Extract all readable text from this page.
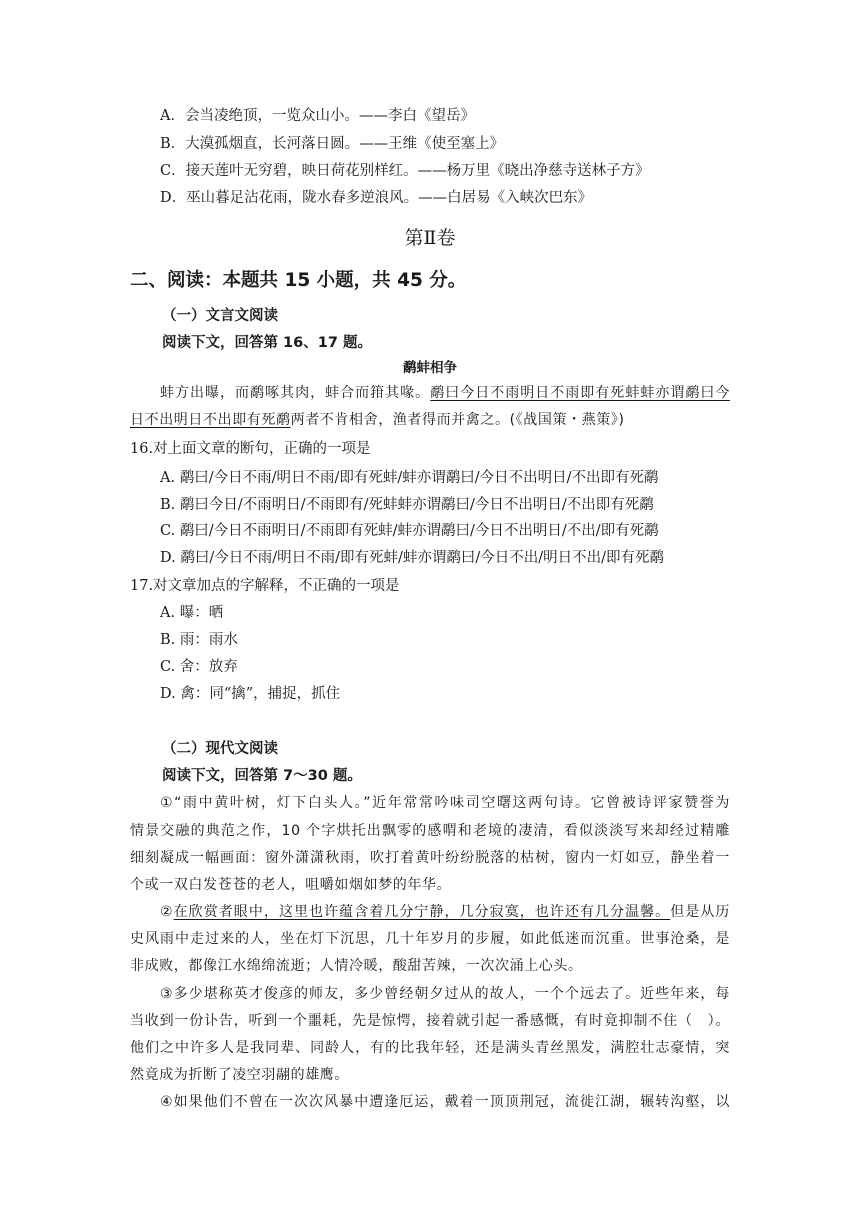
A．会当凌绝顶，一览众山小。——李白《望岳》
B．大漠孤烟直，长河落日圆。——王维《使至塞上》
C．接天莲叶无穷碧，映日荷花别样红。——杨万里《晓出净慈寺送林子方》
D．巫山暮足沾花雨，陇水春多逆浪风。——白居易《入峡次巴东》
第Ⅱ卷
二、阅读：本题共 15 小题，共 45 分。
（一）文言文阅读
阅读下文，回答第 16、17 题。
鹬蚌相争
蚌方出曝，而鹬啄其肉，蚌合而箝其喙。鹬曰今日不雨明日不雨即有死蚌蚌亦谓鹬曰今
日不出明日不出即有死鹬两者不肯相舍，渔者得而并禽之。(《战国策・燕策》)
16.对上面文章的断句，正确的一项是
A. 鹬曰/今日不雨/明日不雨/即有死蚌/蚌亦谓鹬曰/今日不出明日/不出即有死鹬
B. 鹬曰今日/不雨明日/不雨即有/死蚌蚌亦谓鹬曰/今日不出明日/不出即有死鹬
C. 鹬曰/今日不雨明日/不雨即有死蚌/蚌亦谓鹬曰/今日不出明日/不出/即有死鹬
D. 鹬曰/今日不雨/明日不雨/即有死蚌/蚌亦谓鹬曰/今日不出/明日不出/即有死鹬
17.对文章加点的字解释，不正确的一项是
A. 曝：晒
B. 雨：雨水
C. 舍：放弃
D. 禽：同“擒”，捕捉，抓住
（二）现代文阅读
阅读下文，回答第 7～30 题。
①“雨中黄叶树，灯下白头人。”近年常常吟味司空曙这两句诗。它曾被诗评家赞誉为
情景交融的典范之作，10 个字烘托出飘零的感喟和老境的凄清，看似淡淡写来却经过精雕
细刻凝成一幅画面：窗外潇潇秋雨，吹打着黄叶纷纷脱落的枯树，窗内一灯如豆，静坐着一
个或一双白发苍苍的老人，咀嚼如烟如梦的年华。
②在欣赏者眼中，这里也许蕴含着几分宁静，几分寂寞，也许还有几分温馨。但是从历
史风雨中走过来的人，坐在灯下沉思，几十年岁月的步履，如此低迷而沉重。世事沧桑，是
非成败，都像江水绵绵流逝；人情冷暖，酸甜苦辣，一次次涌上心头。
③多少堪称英才俊彦的师友，多少曾经朝夕过从的故人，一个个远去了。近些年来，每
当收到一份讣告，听到一个噩耗，先是惊愕，接着就引起一番感慨，有时竟抑制不住（　）。
他们之中许多人是我同辈、同龄人，有的比我年轻，还是满头青丝黑发，满腔壮志豪情，突
然竟成为折断了凌空羽翮的雄鹰。
④如果他们不曾在一次次风暴中遭逢厄运，戴着一顶顶荆冠，流徙江湖，辗转沟壑，以
